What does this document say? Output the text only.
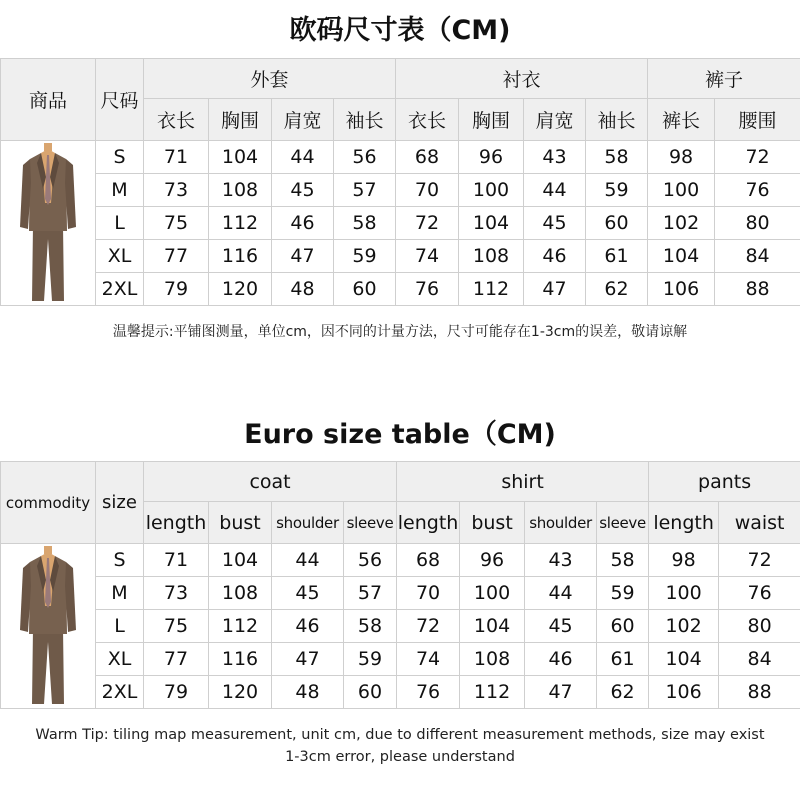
欧码尺寸表（CM)
商品	尺码	外套				衬衣				裤子	
		衣长	胸围	肩宽	袖长	衣长	胸围	肩宽	袖长	裤长	腰围

	S	71	104	44	56	68	96	43	58	98	72
	M	73	108	45	57	70	100	44	59	100	76
	L	75	112	46	58	72	104	45	60	102	80
	XL	77	116	47	59	74	108	46	61	104	84
	2XL	79	120	48	60	76	112	47	62	106	88
温馨提示:平铺图测量，单位cm，因不同的计量方法，尺寸可能存在1-3cm的误差，敬请谅解
Euro size table（CM)
commodity	size	coat				shirt				pants	
		length	bust	shoulder	sleeve	length	bust	shoulder	sleeve	length	waist

	S	71	104	44	56	68	96	43	58	98	72
	M	73	108	45	57	70	100	44	59	100	76
	L	75	112	46	58	72	104	45	60	102	80
	XL	77	116	47	59	74	108	46	61	104	84
	2XL	79	120	48	60	76	112	47	62	106	88
Warm Tip: tiling map measurement, unit cm, due to different measurement methods, size may exist 1-3cm error, please understand
